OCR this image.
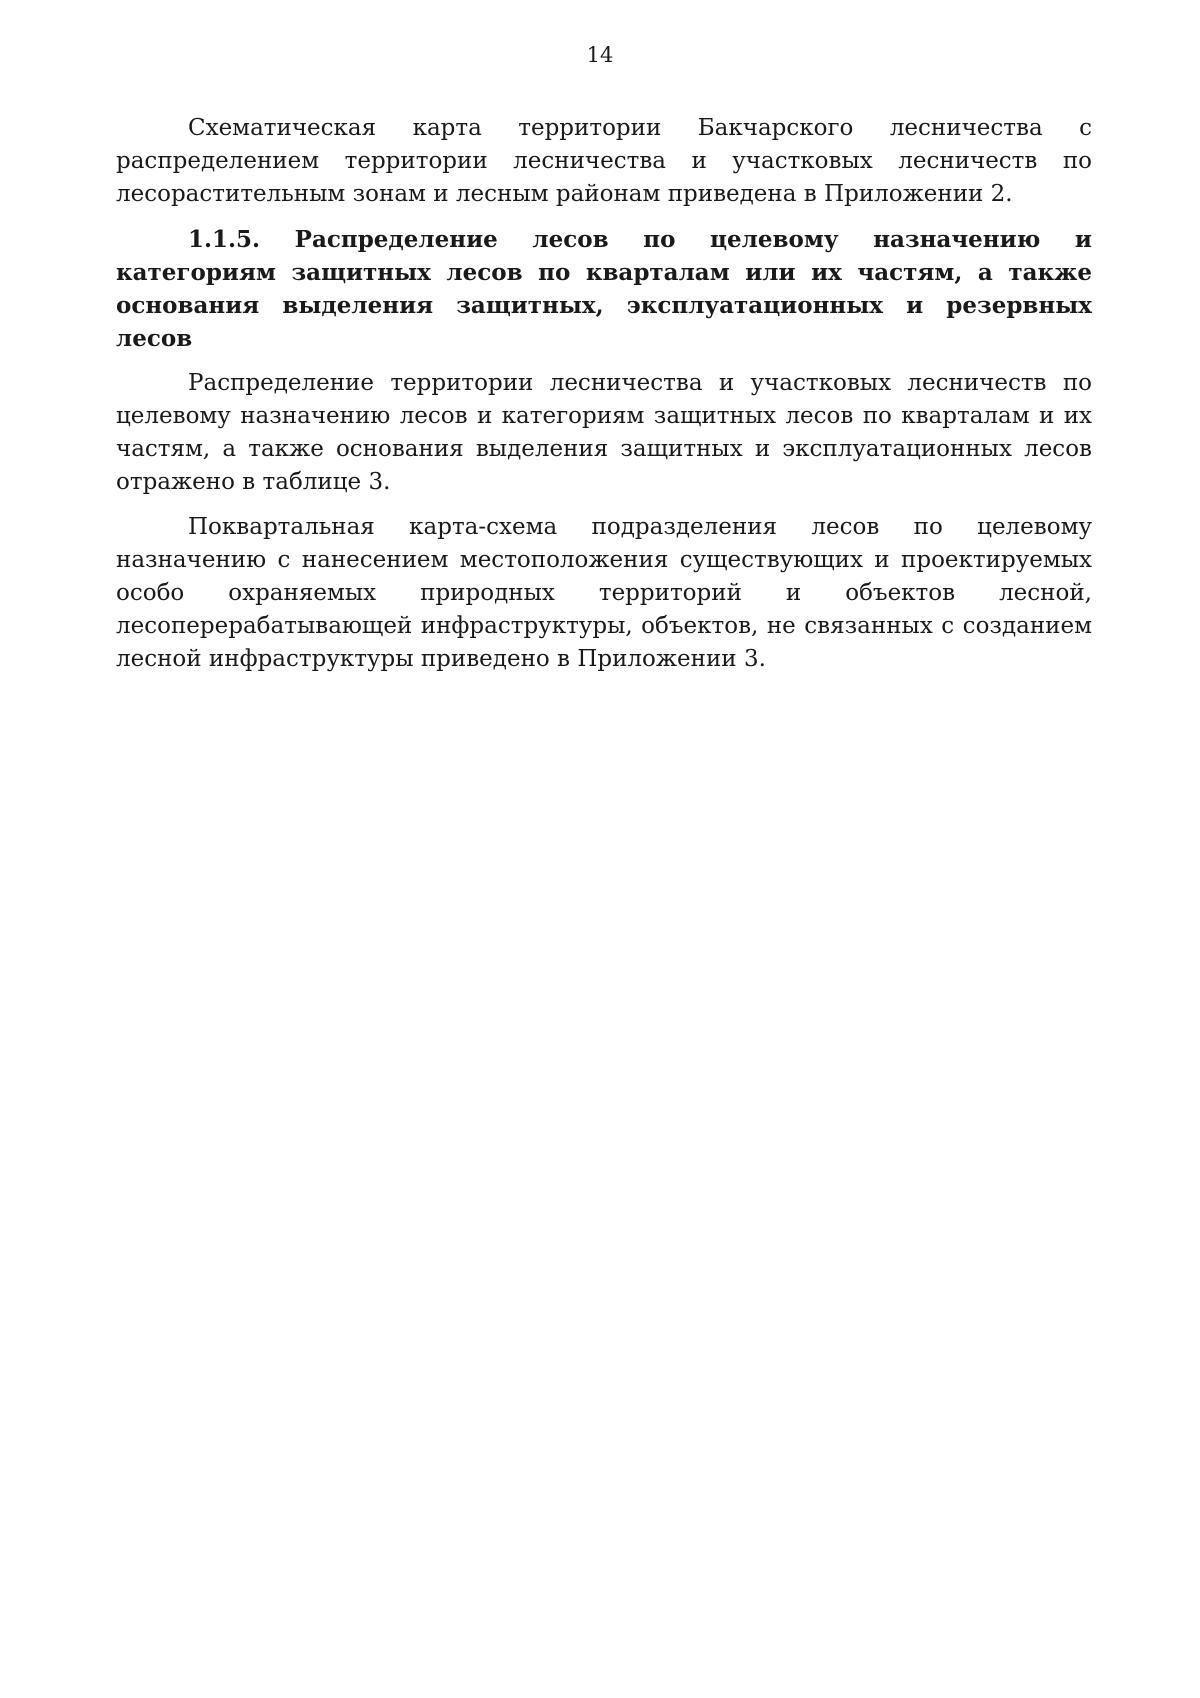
14

Схематическая карта территории Бакчарского лесничества с распределением территории лесничества и участковых лесничеств по лесорастительным зонам и лесным районам приведена в Приложении 2.

1.1.5. Распределение лесов по целевому назначению и категориям защитных лесов по кварталам или их частям, а также основания выделения защитных, эксплуатационных и резервных лесов

Распределение территории лесничества и участковых лесничеств по целевому назначению лесов и категориям защитных лесов по кварталам и их частям, а также основания выделения защитных и эксплуатационных лесов отражено в таблице 3.

Поквартальная карта-схема подразделения лесов по целевому назначению с нанесением местоположения существующих и проектируемых особо охраняемых природных территорий и объектов лесной, лесоперерабатывающей инфраструктуры, объектов, не связанных с созданием лесной инфраструктуры приведено в Приложении 3.
